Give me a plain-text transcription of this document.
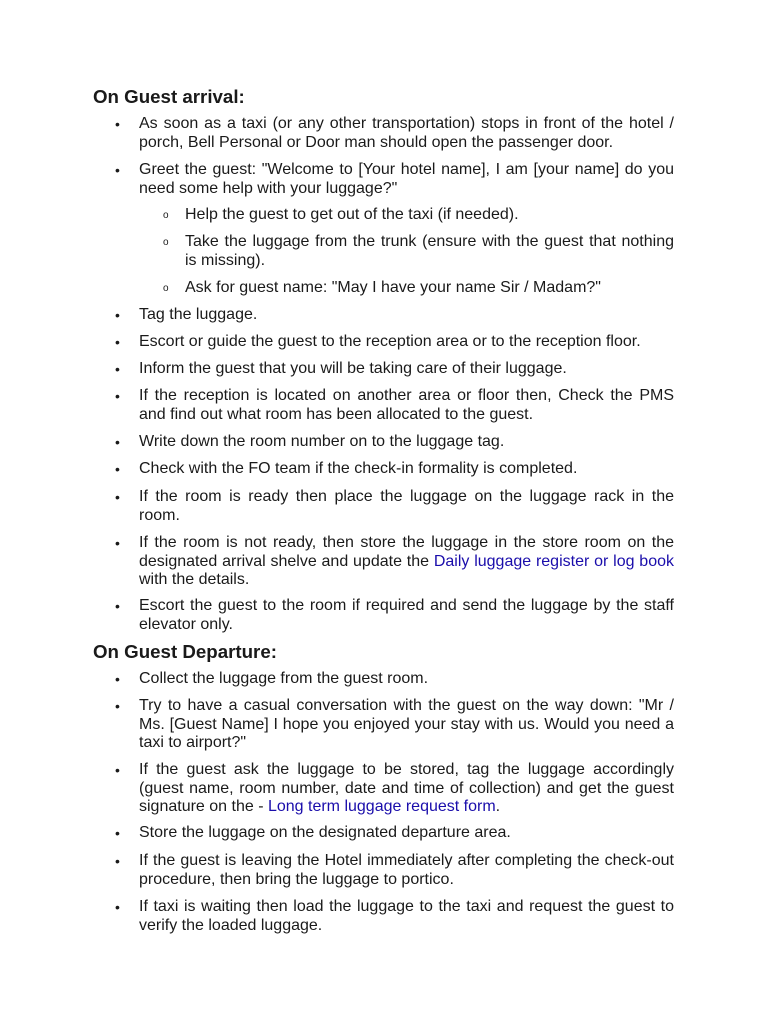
On Guest arrival:
• As soon as a taxi (or any other transportation) stops in front of the hotel / porch, Bell Personal or Door man should open the passenger door.
• Greet the guest: "Welcome to [Your hotel name], I am [your name] do you need some help with your luggage?"
o Help the guest to get out of the taxi (if needed).
o Take the luggage from the trunk (ensure with the guest that nothing is missing).
o Ask for guest name: "May I have your name Sir / Madam?"
• Tag the luggage.
• Escort or guide the guest to the reception area or to the reception floor.
• Inform the guest that you will be taking care of their luggage.
• If the reception is located on another area or floor then, Check the PMS and find out what room has been allocated to the guest.
• Write down the room number on to the luggage tag.
• Check with the FO team if the check-in formality is completed.
• If the room is ready then place the luggage on the luggage rack in the room.
• If the room is not ready, then store the luggage in the store room on the designated arrival shelve and update the Daily luggage register or log book with the details.
• Escort the guest to the room if required and send the luggage by the staff elevator only.
On Guest Departure:
• Collect the luggage from the guest room.
• Try to have a casual conversation with the guest on the way down: "Mr / Ms. [Guest Name] I hope you enjoyed your stay with us. Would you need a taxi to airport?"
• If the guest ask the luggage to be stored, tag the luggage accordingly (guest name, room number, date and time of collection) and get the guest signature on the - Long term luggage request form.
• Store the luggage on the designated departure area.
• If the guest is leaving the Hotel immediately after completing the check-out procedure, then bring the luggage to portico.
• If taxi is waiting then load the luggage to the taxi and request the guest to verify the loaded luggage.
